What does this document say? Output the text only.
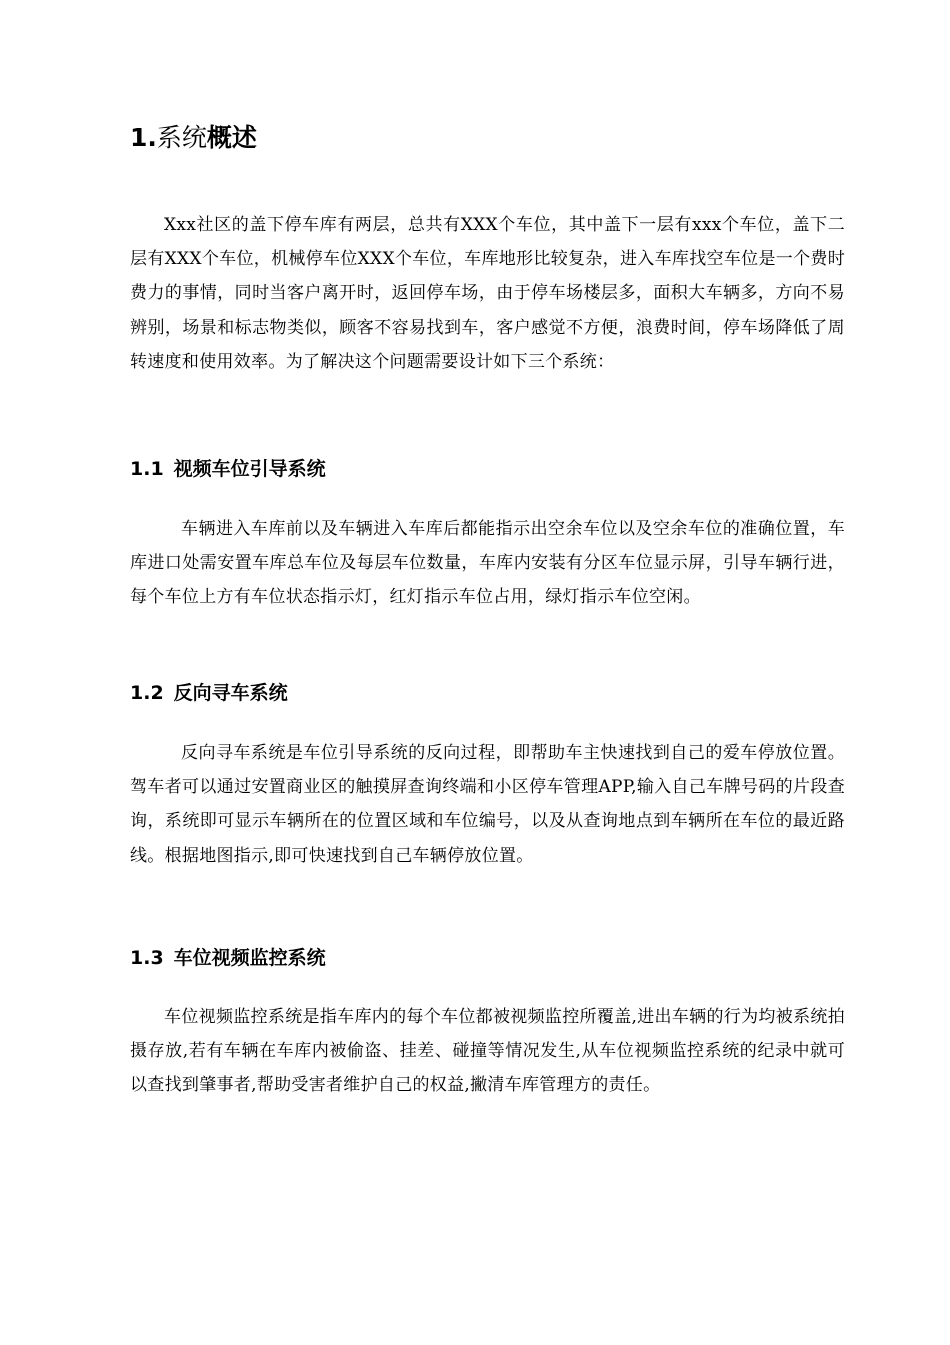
1.系统概述

Xxx社区的盖下停车库有两层，总共有XXX个车位，其中盖下一层有xxx个车位，盖下二层有XXX个车位，机械停车位XXX个车位，车库地形比较复杂，进入车库找空车位是一个费时费力的事情，同时当客户离开时，返回停车场，由于停车场楼层多，面积大车辆多，方向不易辨别，场景和标志物类似，顾客不容易找到车，客户感觉不方便，浪费时间，停车场降低了周转速度和使用效率。为了解决这个问题需要设计如下三个系统：

1.1 视频车位引导系统

车辆进入车库前以及车辆进入车库后都能指示出空余车位以及空余车位的准确位置，车库进口处需安置车库总车位及每层车位数量，车库内安装有分区车位显示屏，引导车辆行进，每个车位上方有车位状态指示灯，红灯指示车位占用，绿灯指示车位空闲。

1.2 反向寻车系统

反向寻车系统是车位引导系统的反向过程，即帮助车主快速找到自己的爱车停放位置。驾车者可以通过安置商业区的触摸屏查询终端和小区停车管理APP,输入自己车牌号码的片段查询，系统即可显示车辆所在的位置区域和车位编号，以及从查询地点到车辆所在车位的最近路线。根据地图指示,即可快速找到自己车辆停放位置。

1.3 车位视频监控系统

车位视频监控系统是指车库内的每个车位都被视频监控所覆盖,进出车辆的行为均被系统拍摄存放,若有车辆在车库内被偷盗、挂差、碰撞等情况发生,从车位视频监控系统的纪录中就可以查找到肇事者,帮助受害者维护自己的权益,撇清车库管理方的责任。
